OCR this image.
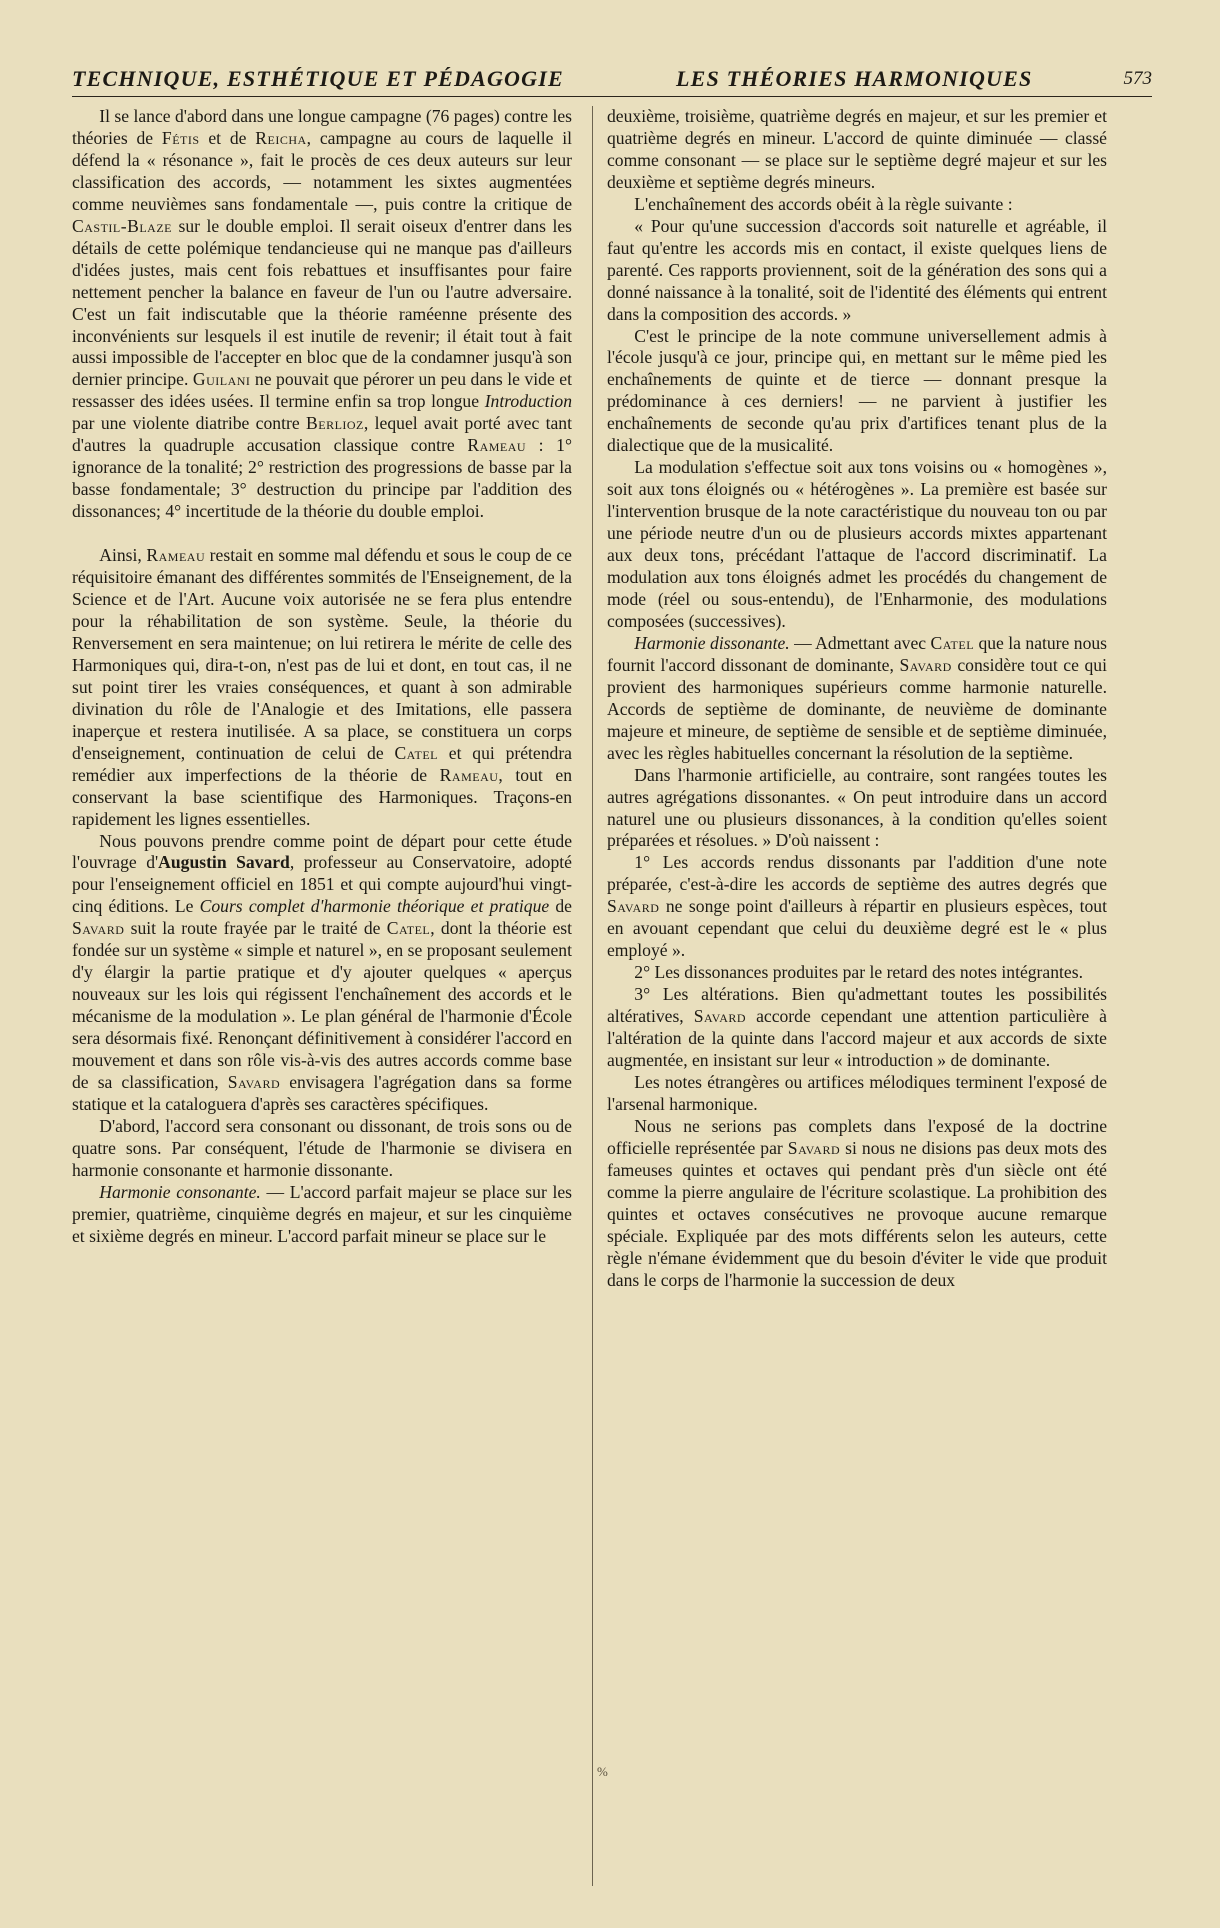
TECHNIQUE, ESTHÉTIQUE ET PÉDAGOGIE	LES THÉORIES HARMONIQUES	573
%

Il se lance d'abord dans une longue campagne (76 pages) contre les théories de Fétis et de Reicha, campagne au cours de laquelle il défend la « résonance », fait le procès de ces deux auteurs sur leur classification des accords, — notamment les sixtes augmentées comme neuvièmes sans fondamentale —, puis contre la critique de Castil-Blaze sur le double emploi. Il serait oiseux d'entrer dans les détails de cette polémique tendancieuse qui ne manque pas d'ailleurs d'idées justes, mais cent fois rebattues et insuffisantes pour faire nettement pencher la balance en faveur de l'un ou l'autre adversaire. C'est un fait indiscutable que la théorie raméenne présente des inconvénients sur lesquels il est inutile de revenir; il était tout à fait aussi impossible de l'accepter en bloc que de la condamner jusqu'à son dernier principe. Guilani ne pouvait que pérorer un peu dans le vide et ressasser des idées usées. Il termine enfin sa trop longue Introduction par une violente diatribe contre Berlioz, lequel avait porté avec tant d'autres la quadruple accusation classique contre Rameau : 1° ignorance de la tonalité; 2° restriction des progressions de basse par la basse fondamentale; 3° destruction du principe par l'addition des dissonances; 4° incertitude de la théorie du double emploi.

Ainsi, Rameau restait en somme mal défendu et sous le coup de ce réquisitoire émanant des différentes sommités de l'Enseignement, de la Science et de l'Art. Aucune voix autorisée ne se fera plus entendre pour la réhabilitation de son système. Seule, la théorie du Renversement en sera maintenue; on lui retirera le mérite de celle des Harmoniques qui, dira-t-on, n'est pas de lui et dont, en tout cas, il ne sut point tirer les vraies conséquences, et quant à son admirable divination du rôle de l'Analogie et des Imitations, elle passera inaperçue et restera inutilisée. A sa place, se constituera un corps d'enseignement, continuation de celui de Catel et qui prétendra remédier aux imperfections de la théorie de Rameau, tout en conservant la base scientifique des Harmoniques. Traçons-en rapidement les lignes essentielles.

Nous pouvons prendre comme point de départ pour cette étude l'ouvrage d'Augustin Savard, professeur au Conservatoire, adopté pour l'enseignement officiel en 1851 et qui compte aujourd'hui vingt-cinq éditions. Le Cours complet d'harmonie théorique et pratique de Savard suit la route frayée par le traité de Catel, dont la théorie est fondée sur un système « simple et naturel », en se proposant seulement d'y élargir la partie pratique et d'y ajouter quelques « aperçus nouveaux sur les lois qui régissent l'enchaînement des accords et le mécanisme de la modulation ». Le plan général de l'harmonie d'École sera désormais fixé. Renonçant définitivement à considérer l'accord en mouvement et dans son rôle vis-à-vis des autres accords comme base de sa classification, Savard envisagera l'agrégation dans sa forme statique et la cataloguera d'après ses caractères spécifiques.

D'abord, l'accord sera consonant ou dissonant, de trois sons ou de quatre sons. Par conséquent, l'étude de l'harmonie se divisera en harmonie consonante et harmonie dissonante.

Harmonie consonante. — L'accord parfait majeur se place sur les premier, quatrième, cinquième degrés en majeur, et sur les cinquième et sixième degrés en mineur. L'accord parfait mineur se place sur le

deuxième, troisième, quatrième degrés en majeur, et sur les premier et quatrième degrés en mineur. L'accord de quinte diminuée — classé comme consonant — se place sur le septième degré majeur et sur les deuxième et septième degrés mineurs.

L'enchaînement des accords obéit à la règle suivante :

« Pour qu'une succession d'accords soit naturelle et agréable, il faut qu'entre les accords mis en contact, il existe quelques liens de parenté. Ces rapports proviennent, soit de la génération des sons qui a donné naissance à la tonalité, soit de l'identité des éléments qui entrent dans la composition des accords. »

C'est le principe de la note commune universellement admis à l'école jusqu'à ce jour, principe qui, en mettant sur le même pied les enchaînements de quinte et de tierce — donnant presque la prédominance à ces derniers! — ne parvient à justifier les enchaînements de seconde qu'au prix d'artifices tenant plus de la dialectique que de la musicalité.

La modulation s'effectue soit aux tons voisins ou « homogènes », soit aux tons éloignés ou « hétérogènes ». La première est basée sur l'intervention brusque de la note caractéristique du nouveau ton ou par une période neutre d'un ou de plusieurs accords mixtes appartenant aux deux tons, précédant l'attaque de l'accord discriminatif. La modulation aux tons éloignés admet les procédés du changement de mode (réel ou sous-entendu), de l'Enharmonie, des modulations composées (successives).

Harmonie dissonante. — Admettant avec Catel que la nature nous fournit l'accord dissonant de dominante, Savard considère tout ce qui provient des harmoniques supérieurs comme harmonie naturelle. Accords de septième de dominante, de neuvième de dominante majeure et mineure, de septième de sensible et de septième diminuée, avec les règles habituelles concernant la résolution de la septième.

Dans l'harmonie artificielle, au contraire, sont rangées toutes les autres agrégations dissonantes. « On peut introduire dans un accord naturel une ou plusieurs dissonances, à la condition qu'elles soient préparées et résolues. » D'où naissent :

1° Les accords rendus dissonants par l'addition d'une note préparée, c'est-à-dire les accords de septième des autres degrés que Savard ne songe point d'ailleurs à répartir en plusieurs espèces, tout en avouant cependant que celui du deuxième degré est le « plus employé ».

2° Les dissonances produites par le retard des notes intégrantes.

3° Les altérations. Bien qu'admettant toutes les possibilités altératives, Savard accorde cependant une attention particulière à l'altération de la quinte dans l'accord majeur et aux accords de sixte augmentée, en insistant sur leur « introduction » de dominante.

Les notes étrangères ou artifices mélodiques terminent l'exposé de l'arsenal harmonique.

Nous ne serions pas complets dans l'exposé de la doctrine officielle représentée par Savard si nous ne disions pas deux mots des fameuses quintes et octaves qui pendant près d'un siècle ont été comme la pierre angulaire de l'écriture scolastique. La prohibition des quintes et octaves consécutives ne provoque aucune remarque spéciale. Expliquée par des mots différents selon les auteurs, cette règle n'émane évidemment que du besoin d'éviter le vide que produit dans le corps de l'harmonie la succession de deux
